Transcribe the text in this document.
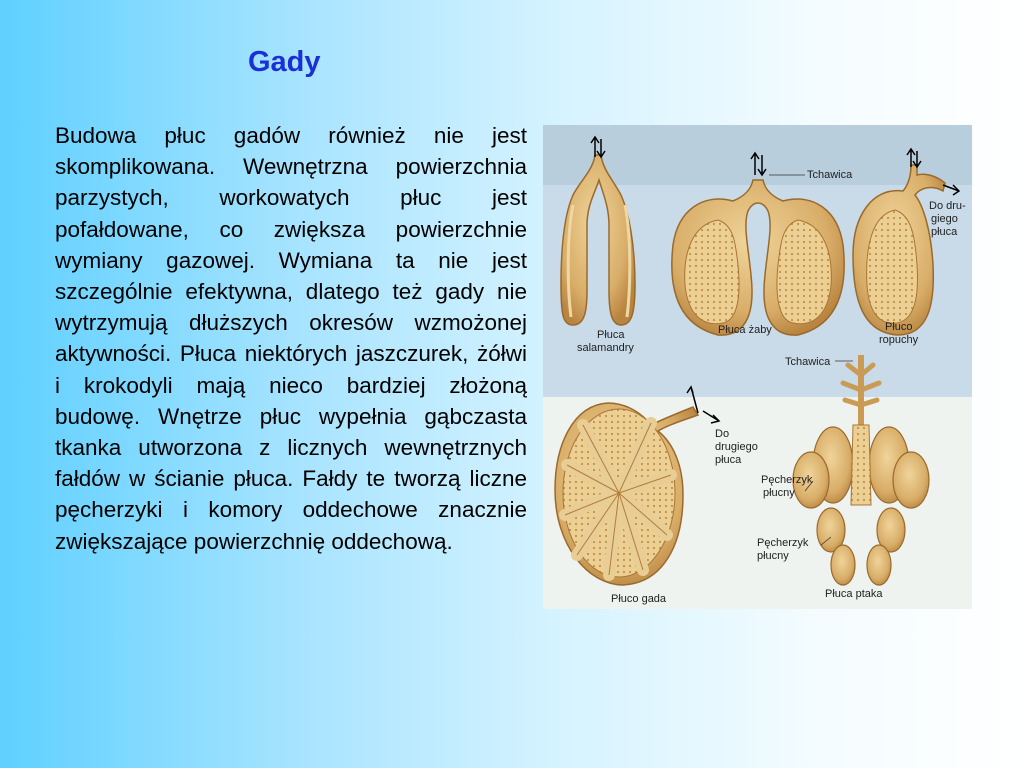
Gady
Budowa płuc gadów również nie jest skomplikowana. Wewnętrzna powierzchnia parzystych, workowatych płuc jest pofałdowane, co zwiększa powierzchnie wymiany gazowej. Wymiana ta nie jest szczególnie efektywna, dlatego też gady nie wytrzymują dłuższych okresów wzmożonej aktywności. Płuca niektórych jaszczurek, żółwi i krokodyli mają nieco bardziej złożoną budowę. Wnętrze płuc wypełnia gąbczasta tkanka utworzona z licznych wewnętrznych fałdów w ścianie płuca. Fałdy te tworzą liczne pęcherzyki i komory oddechowe znacznie zwiększające powierzchnię oddechową.
Tchawica
Do dru-
giego
płuca
Płuca
salamandry
Płuca żaby	Płuco
ropuchy
Do
drugiego
płuca
Płuco gada
Tchawica
Pęcherzyk
płucny
Pęcherzyk
płucny
Płuca ptaka
